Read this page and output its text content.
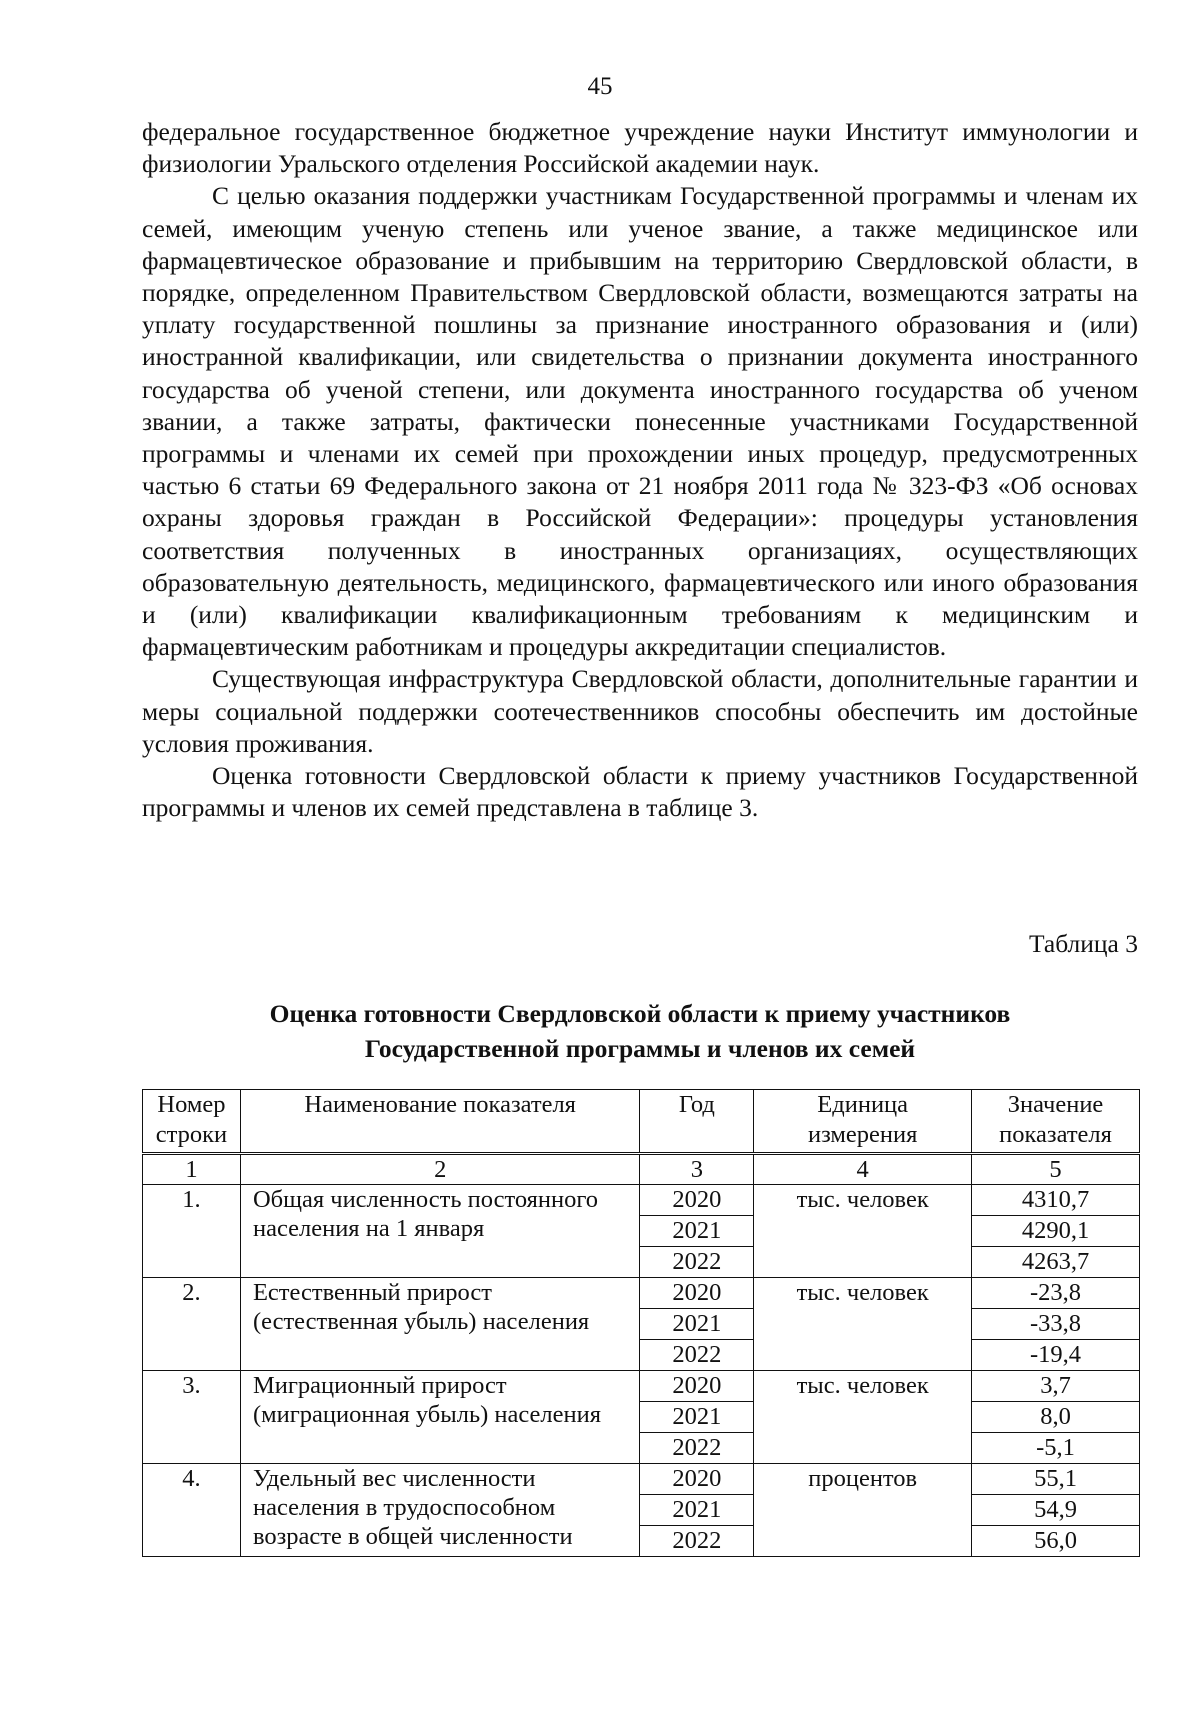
45

федеральное государственное бюджетное учреждение науки Институт иммунологии и физиологии Уральского отделения Российской академии наук.

С целью оказания поддержки участникам Государственной программы и членам их семей, имеющим ученую степень или ученое звание, а также медицинское или фармацевтическое образование и прибывшим на территорию Свердловской области, в порядке, определенном Правительством Свердловской области, возмещаются затраты на уплату государственной пошлины за признание иностранного образования и (или) иностранной квалификации, или свидетельства о признании документа иностранного государства об ученой степени, или документа иностранного государства об ученом звании, а также затраты, фактически понесенные участниками Государственной программы и членами их семей при прохождении иных процедур, предусмотренных частью 6 статьи 69 Федерального закона от 21 ноября 2011 года № 323-ФЗ «Об основах охраны здоровья граждан в Российской Федерации»: процедуры установления соответствия полученных в иностранных организациях, осуществляющих образовательную деятельность, медицинского, фармацевтического или иного образования и (или) квалификации квалификационным требованиям к медицинским и фармацевтическим работникам и процедуры аккредитации специалистов.

Существующая инфраструктура Свердловской области, дополнительные гарантии и меры социальной поддержки соотечественников способны обеспечить им достойные условия проживания.

Оценка готовности Свердловской области к приему участников Государственной программы и членов их семей представлена в таблице 3.

Таблица 3
Оценка готовности Свердловской области к приему участников
Государственной программы и членов их семей
Номер строки	Наименование показателя	Год	Единица измерения	Значение показателя
1	2	3	4	5
1.	Общая численность постоянного населения на 1 января	2020	тыс. человек	4310,7
		2021		4290,1
		2022		4263,7
2.	Естественный прирост (естественная убыль) населения	2020	тыс. человек	-23,8
		2021		-33,8
		2022		-19,4
3.	Миграционный прирост (миграционная убыль) населения	2020	тыс. человек	3,7
		2021		8,0
		2022		-5,1
4.	Удельный вес численности населения в трудоспособном возрасте в общей численности	2020	процентов	55,1
		2021		54,9
		2022		56,0
